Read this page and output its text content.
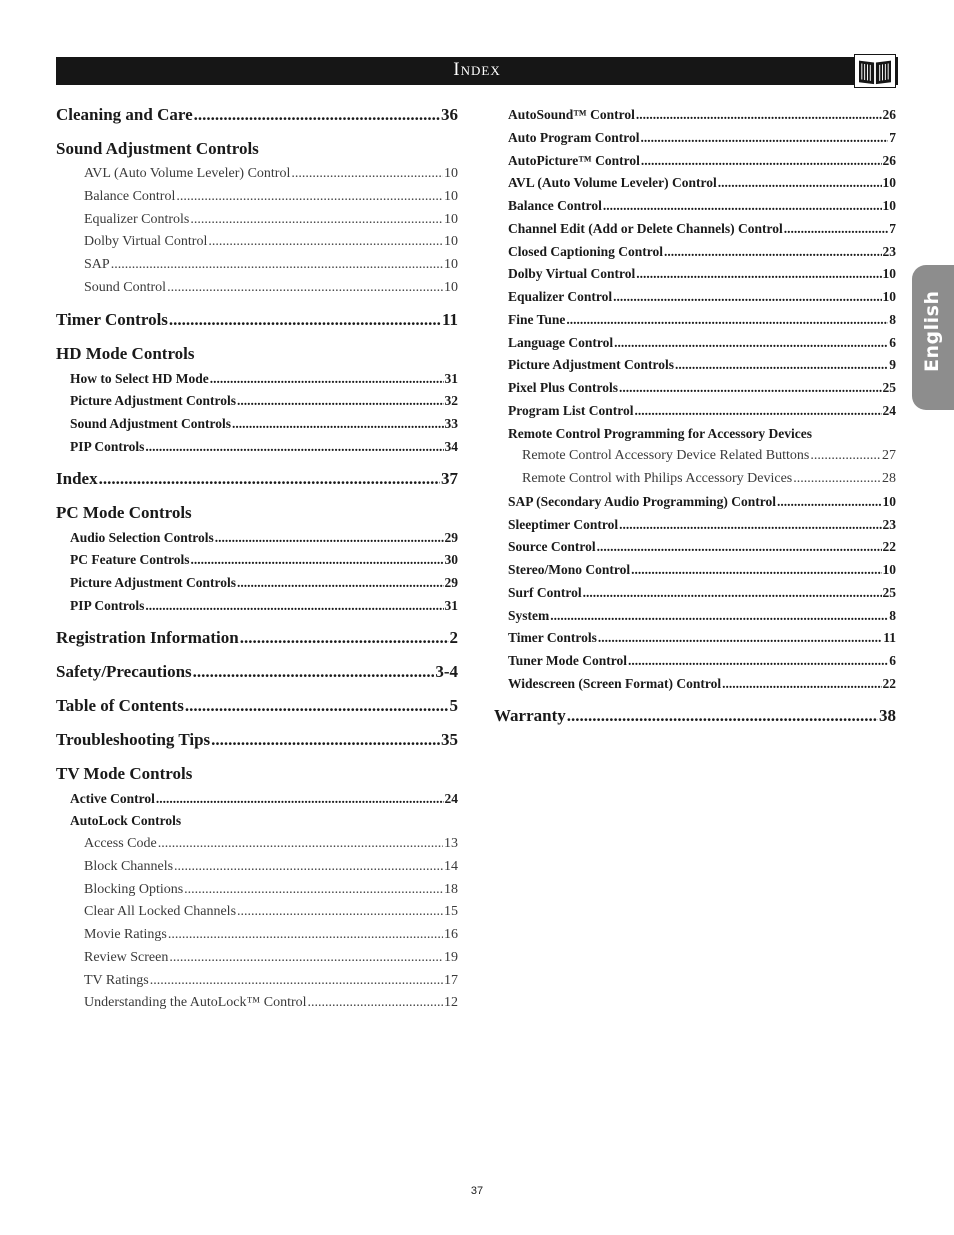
Index
English
Cleaning and Care .....	36
Sound Adjustment Controls
AVL (Auto Volume Leveler) Control .....	10
Balance Control .....	10
Equalizer Controls .....	10
Dolby Virtual Control .....	10
SAP .....	10
Sound Control .....	10
Timer Controls .....	11
HD Mode Controls
How to Select HD Mode .....	31
Picture Adjustment Controls .....	32
Sound Adjustment Controls .....	33
PIP Controls .....	34
Index .....	37
PC Mode Controls
Audio Selection Controls .....	29
PC Feature Controls .....	30
Picture Adjustment Controls .....	29
PIP Controls .....	31
Registration Information .....	2
Safety/Precautions .....	3-4
Table of Contents .....	5
Troubleshooting Tips .....	35
TV Mode Controls
Active Control .....	24
AutoLock Controls
Access Code .....	13
Block Channels .....	14
Blocking Options .....	18
Clear All Locked Channels .....	15
Movie Ratings .....	16
Review Screen .....	19
TV Ratings .....	17
Understanding the AutoLock™ Control .....	12
AutoSound™ Control .....	26
Auto Program Control .....	7
AutoPicture™ Control .....	26
AVL (Auto Volume Leveler) Control .....	10
Balance Control .....	10
Channel Edit (Add or Delete Channels) Control .....	7
Closed Captioning Control .....	23
Dolby Virtual Control .....	10
Equalizer Control .....	10
Fine Tune .....	8
Language Control .....	6
Picture Adjustment Controls .....	9
Pixel Plus Controls .....	25
Program List Control .....	24
Remote Control Programming for Accessory Devices
Remote Control Accessory Device Related Buttons .....	27
Remote Control with Philips Accessory Devices .....	28
SAP (Secondary Audio Programming) Control .....	10
Sleeptimer Control .....	23
Source Control .....	22
Stereo/Mono Control .....	10
Surf Control .....	25
System .....	8
Timer Controls .....	11
Tuner Mode Control .....	6
Widescreen (Screen Format) Control .....	22
Warranty .....	38
37
